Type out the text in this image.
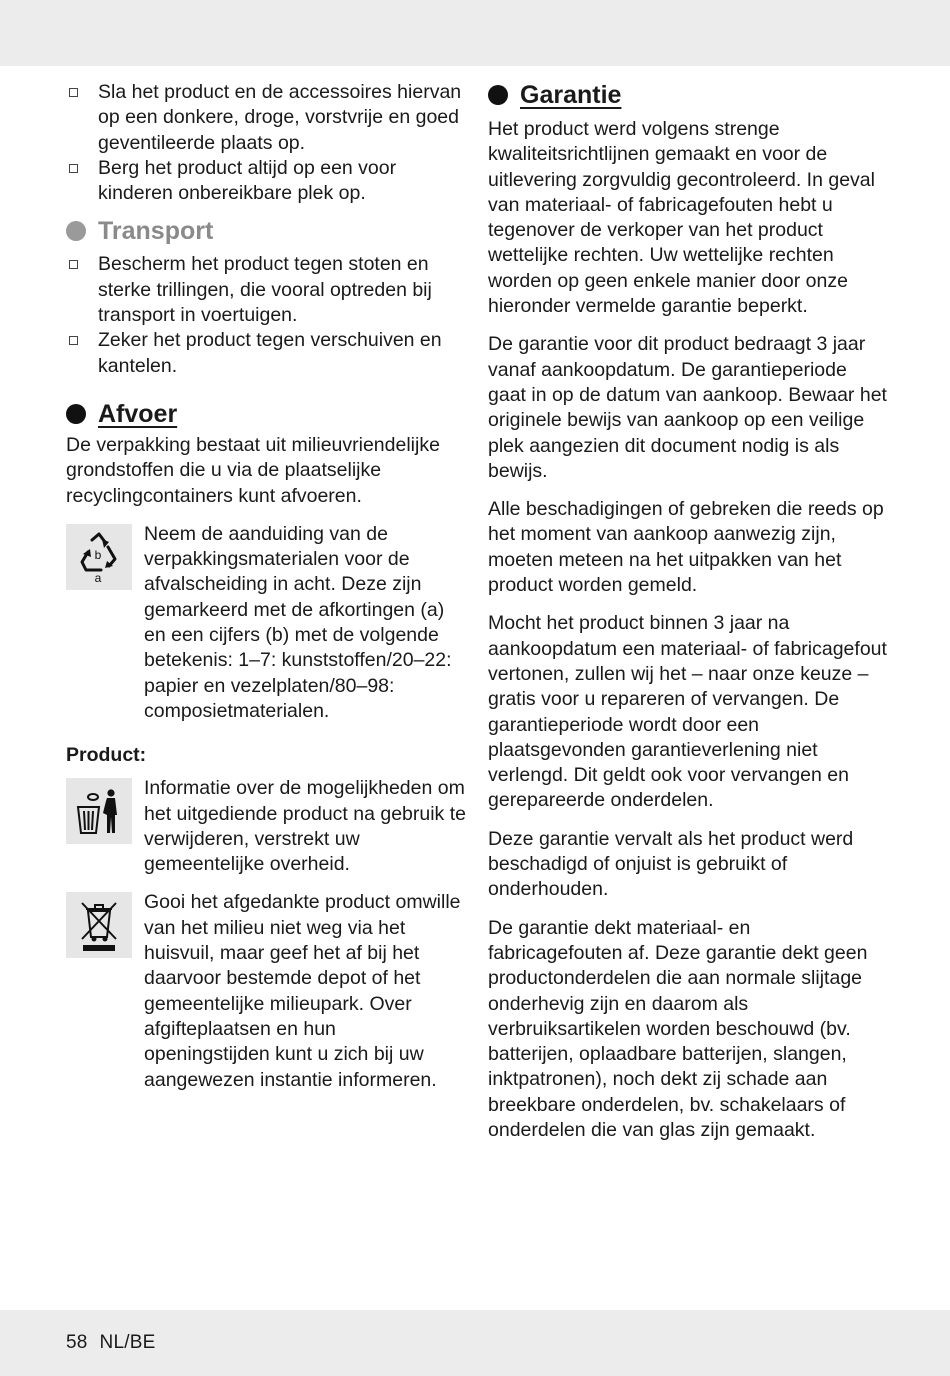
Sla het product en de accessoires hiervan op een donkere, droge, vorstvrije en goed geventileerde plaats op.
Berg het product altijd op een voor kinderen onbereikbare plek op.
Transport
Bescherm het product tegen stoten en sterke trillingen, die vooral optreden bij transport in voertuigen.
Zeker het product tegen verschuiven en kantelen.
Afvoer

De verpakking bestaat uit milieuvriendelijke grondstoffen die u via de plaatselijke recyclingcontainers kunt afvoeren.

b
a

Neem de aanduiding van de verpakkingsmaterialen voor de afvalscheiding in acht. Deze zijn gemarkeerd met de afkortingen (a) en een cijfers (b) met de volgende betekenis: 1–7: kunststoffen/20–22: papier en vezelplaten/80–98: composietmaterialen.

Product:

Informatie over de mogelijkheden om het uitgediende product na gebruik te verwijderen, verstrekt uw gemeentelijke overheid.

Gooi het afgedankte product omwille van het milieu niet weg via het huisvuil, maar geef het af bij het daarvoor bestemde depot of het gemeentelijke milieupark. Over afgifteplaatsen en hun openingstijden kunt u zich bij uw aangewezen instantie informeren.

Garantie

Het product werd volgens strenge kwaliteitsrichtlijnen gemaakt en voor de uitlevering zorgvuldig gecontroleerd. In geval van materiaal- of fabricagefouten hebt u tegenover de verkoper van het product wettelijke rechten. Uw wettelijke rechten worden op geen enkele manier door onze hieronder vermelde garantie beperkt.

De garantie voor dit product bedraagt 3 jaar vanaf aankoopdatum. De garantieperiode gaat in op de datum van aankoop. Bewaar het originele bewijs van aankoop op een veilige plek aangezien dit document nodig is als bewijs.

Alle beschadigingen of gebreken die reeds op het moment van aankoop aanwezig zijn, moeten meteen na het uitpakken van het product worden gemeld.

Mocht het product binnen 3 jaar na aankoopdatum een materiaal- of fabricagefout vertonen, zullen wij het – naar onze keuze – gratis voor u repareren of vervangen. De garantieperiode wordt door een plaatsgevonden garantieverlening niet verlengd. Dit geldt ook voor vervangen en gerepareerde onderdelen.

Deze garantie vervalt als het product werd beschadigd of onjuist is gebruikt of onderhouden.

De garantie dekt materiaal- en fabricagefouten af. Deze garantie dekt geen productonderdelen die aan normale slijtage onderhevig zijn en daarom als verbruiksartikelen worden beschouwd (bv. batterijen, oplaadbare batterijen, slangen, inktpatronen), noch dekt zij schade aan breekbare onderdelen, bv. schakelaars of onderdelen die van glas zijn gemaakt.

58 NL/BE
